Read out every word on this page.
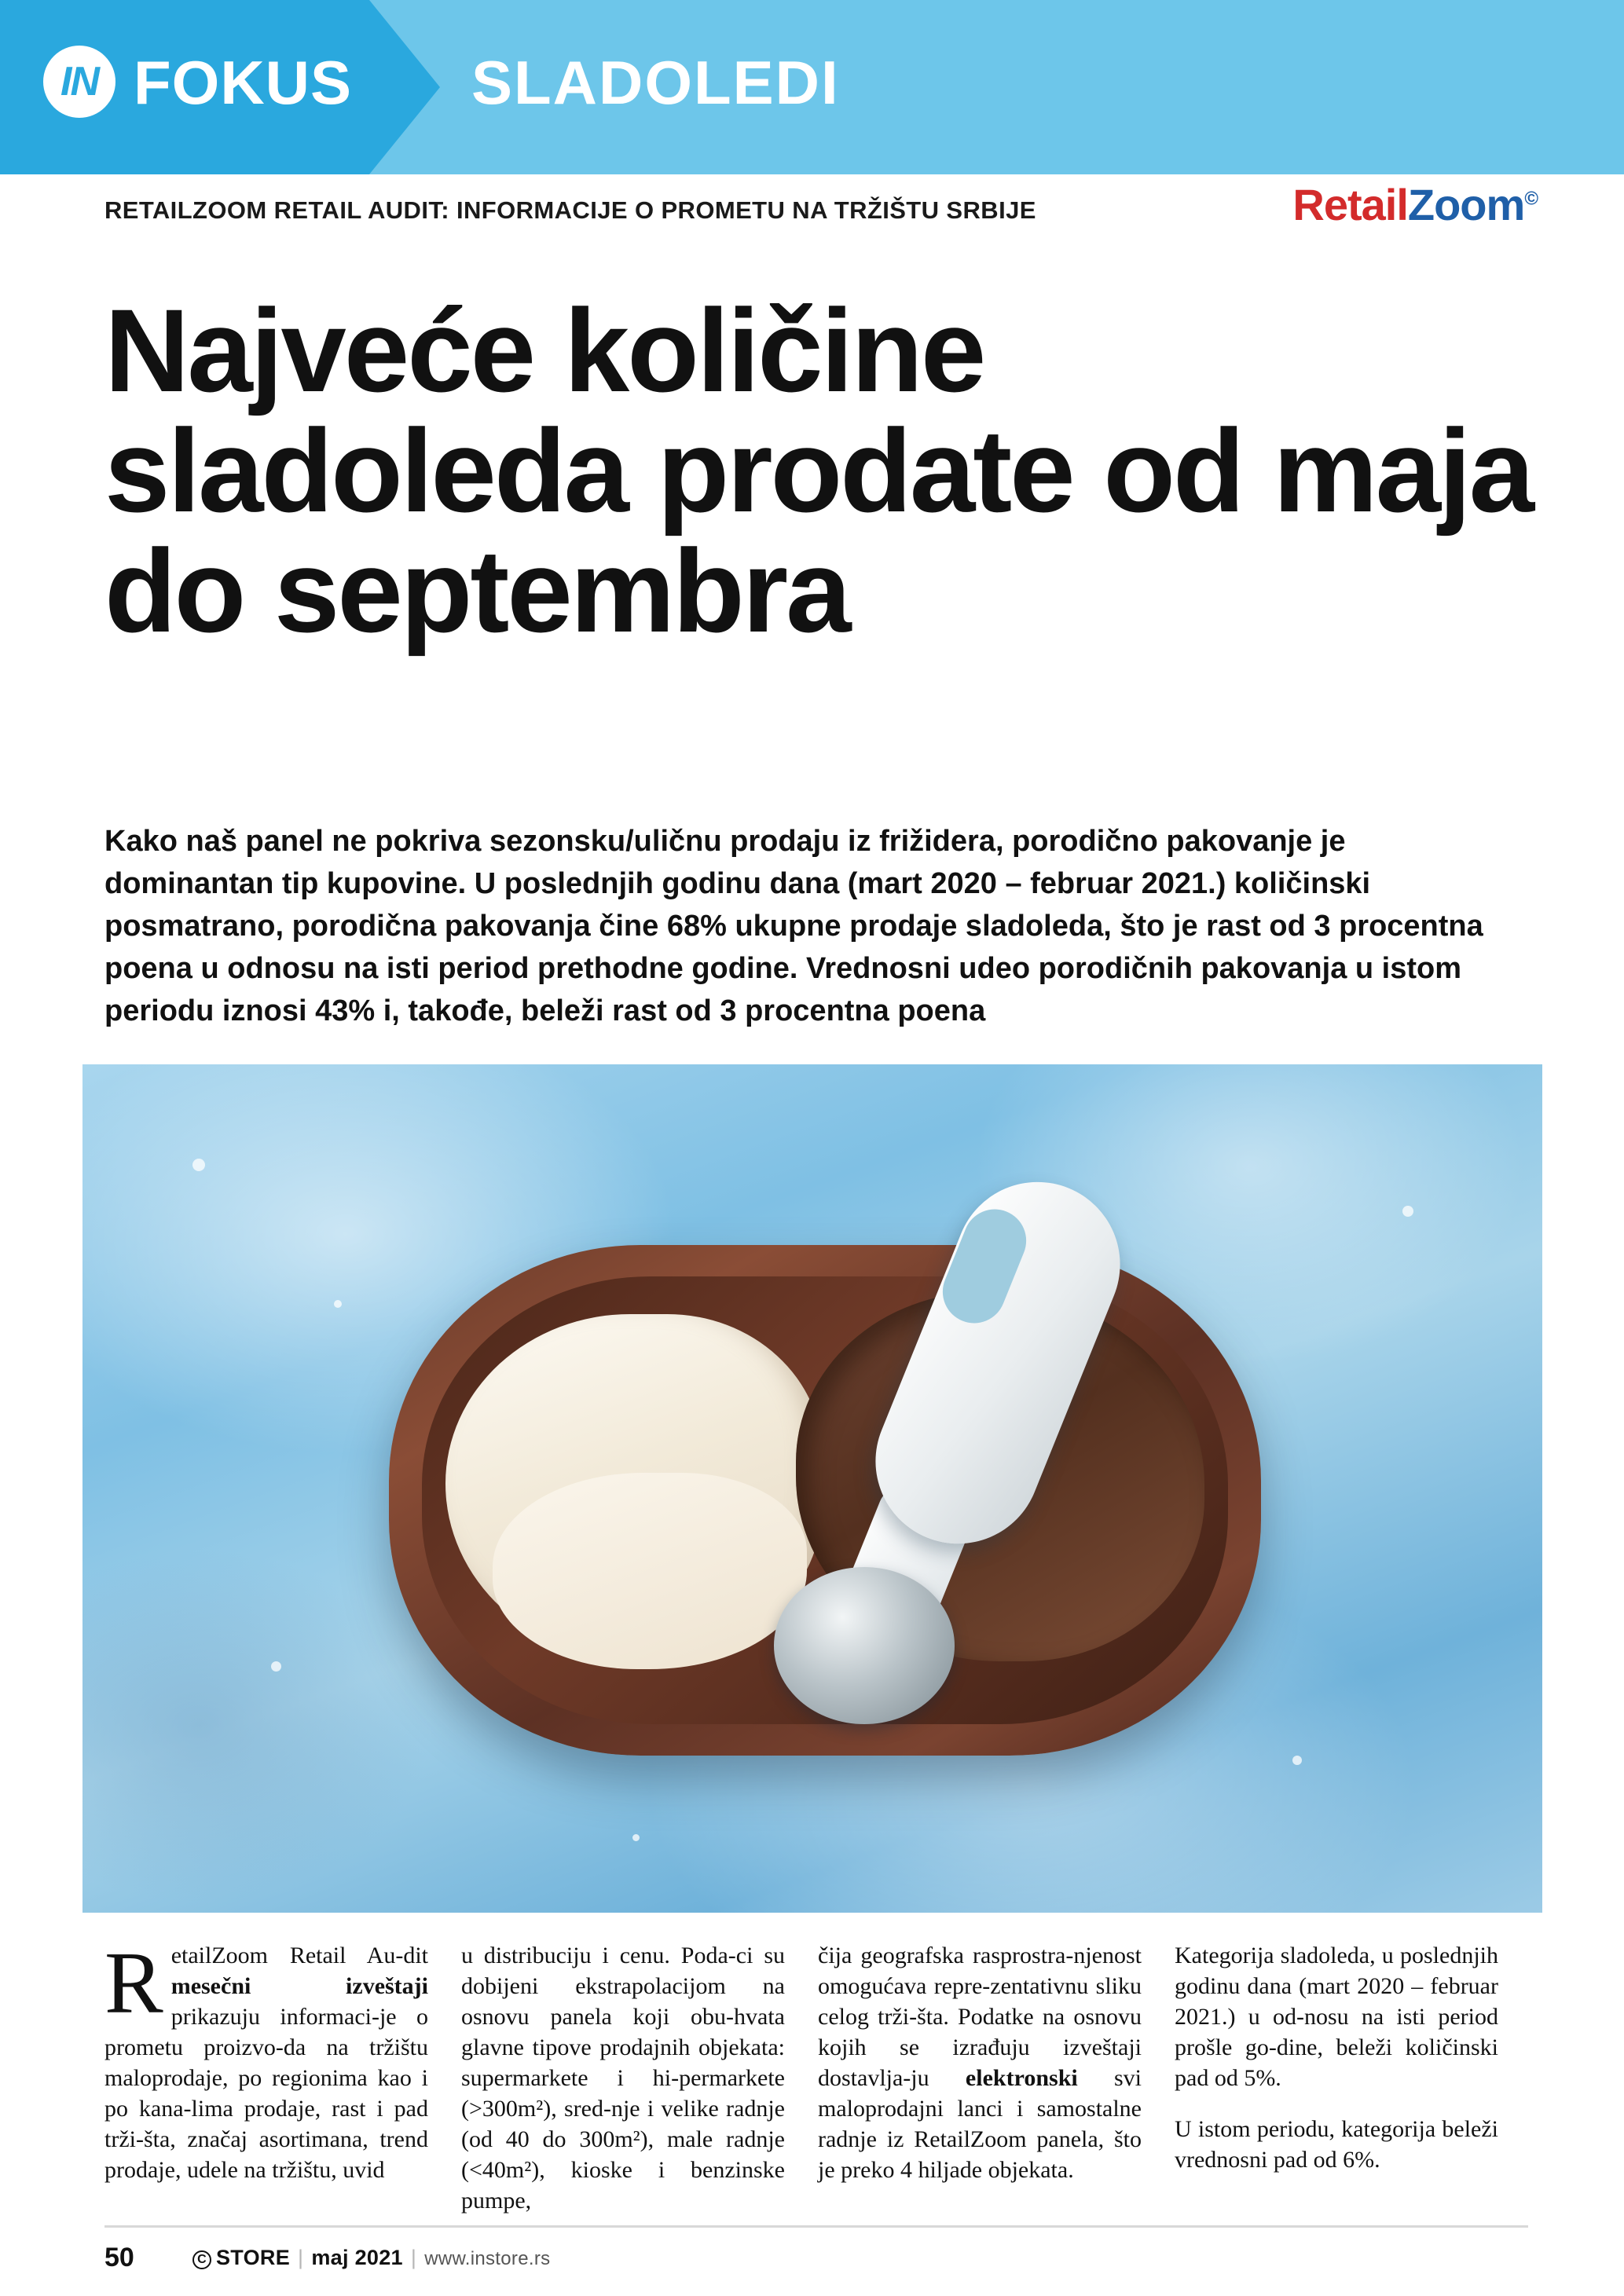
IN FOKUS SLADOLEDI
RETAILZOOM RETAIL AUDIT: INFORMACIJE O PROMETU NA TRŽIŠTU SRBIJE	RetailZoom©
Najveće količine sladoleda prodate od maja do septembra
Kako naš panel ne pokriva sezonsku/uličnu prodaju iz frižidera, porodično pakovanje je dominantan tip kupovine. U poslednjih godinu dana (mart 2020 – februar 2021.) količinski posmatrano, porodična pakovanja čine 68% ukupne prodaje sladoleda, što je rast od 3 procentna poena u odnosu na isti period prethodne godine. Vrednosni udeo porodičnih pakovanja u istom periodu iznosi 43% i, takođe, beleži rast od 3 procentna poena

RetailZoom Retail Au-dit mesečni izveštaji prikazuju informaci-je o prometu proizvo-da na tržištu maloprodaje, po regionima kao i po kana-lima prodaje, rast i pad trži-šta, značaj asortimana, trend prodaje, udele na tržištu, uvid

u distribuciju i cenu. Poda-ci su dobijeni ekstrapolacijom na osnovu panela koji obu-hvata glavne tipove prodajnih objekata: supermarkete i hi-permarkete (>300m²), sred-nje i velike radnje (od 40 do 300m²), male radnje (<40m²), kioske i benzinske pumpe,

čija geografska rasprostra-njenost omogućava repre-zentativnu sliku celog trži-šta. Podatke na osnovu kojih se izrađuju izveštaji dostavlja-ju elektronski svi maloprodajni lanci i samostalne radnje iz RetailZoom panela, što je preko 4 hiljade objekata.

Kategorija sladoleda, u poslednjih godinu dana (mart 2020 – februar 2021.) u od-nosu na isti period prošle go-dine, beleži količinski pad od 5%.

U istom periodu, kategorija beleži vrednosni pad od 6%.

50	C STORE | maj 2021 | www.instore.rs
